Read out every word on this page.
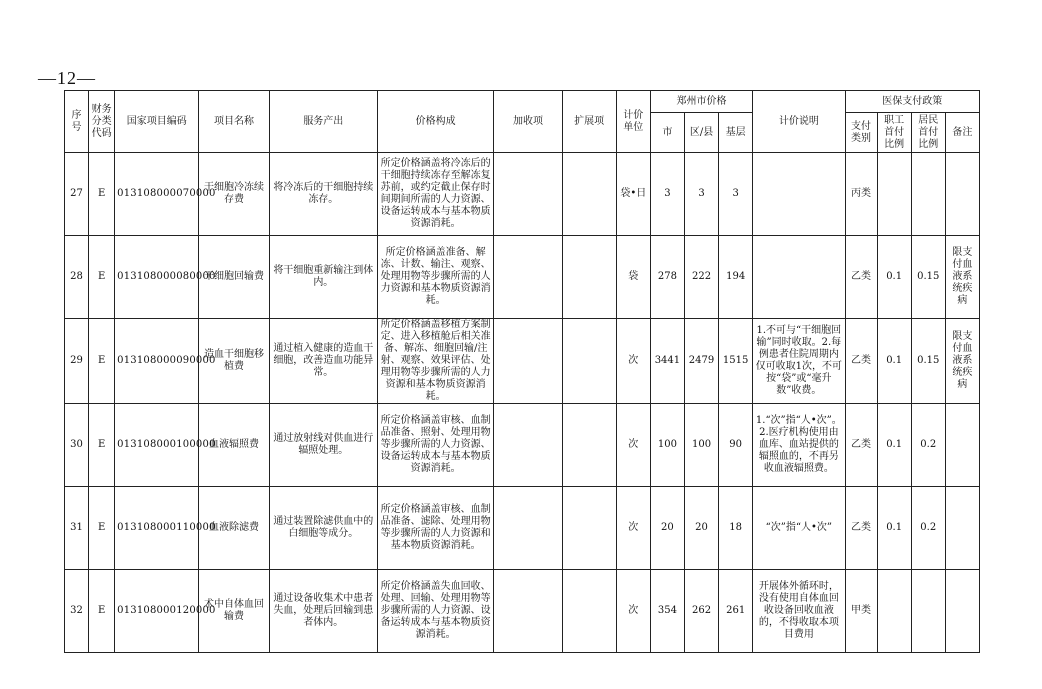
—12—
序号	财务分类代码	国家项目编码	项目名称	服务产出	价格构成	加收项	扩展项	计价单位	郑州市价格			计价说明	医保支付政策			
									市	区/县	基层		支付类别	职工首付比例	居民首付比例	备注
27	E	013108000070000	干细胞冷冻续存费	将冷冻后的干细胞持续冻存。	所定价格涵盖将冷冻后的干细胞持续冻存至解冻复苏前，或约定截止保存时间期间所需的人力资源、设备运转成本与基本物质资源消耗。			袋•日	3	3	3		丙类			
28	E	013108000080000	干细胞回输费	将干细胞重新输注到体内。	所定价格涵盖准备、解冻、计数、输注、观察、处理用物等步骤所需的人力资源和基本物质资源消耗。			袋	278	222	194		乙类	0.1	0.15	限支付血液系统疾病
29	E	013108000090000	造血干细胞移植费	通过植入健康的造血干细胞，改善造血功能异常。	所定价格涵盖移植方案制定、进入移植舱后相关准备、解冻、细胞回输/注射、观察、效果评估、处理用物等步骤所需的人力资源和基本物质资源消耗。			次	3441	2479	1515	1.不可与“干细胞回输”同时收取。2.每例患者住院周期内仅可收取1次，不可按“袋”或“毫升数”收费。	乙类	0.1	0.15	限支付血液系统疾病
30	E	013108000100000	血液辐照费	通过放射线对供血进行辐照处理。	所定价格涵盖审核、血制品准备、照射、处理用物等步骤所需的人力资源、设备运转成本与基本物质资源消耗。			次	100	100	90	1.“次”指“人•次”。2.医疗机构使用由血库、血站提供的辐照血的，不再另收血液辐照费。	乙类	0.1	0.2	
31	E	013108000110000	血液除滤费	通过装置除滤供血中的白细胞等成分。	所定价格涵盖审核、血制品准备、滤除、处理用物等步骤所需的人力资源和基本物质资源消耗。			次	20	20	18	“次”指“人•次”	乙类	0.1	0.2	
32	E	013108000120000	术中自体血回输费	通过设备收集术中患者失血，处理后回输到患者体内。	所定价格涵盖失血回收、处理、回输、处理用物等步骤所需的人力资源、设备运转成本与基本物质资源消耗。			次	354	262	261	开展体外循环时，没有使用自体血回收设备回收血液的，不得收取本项目费用	甲类			
